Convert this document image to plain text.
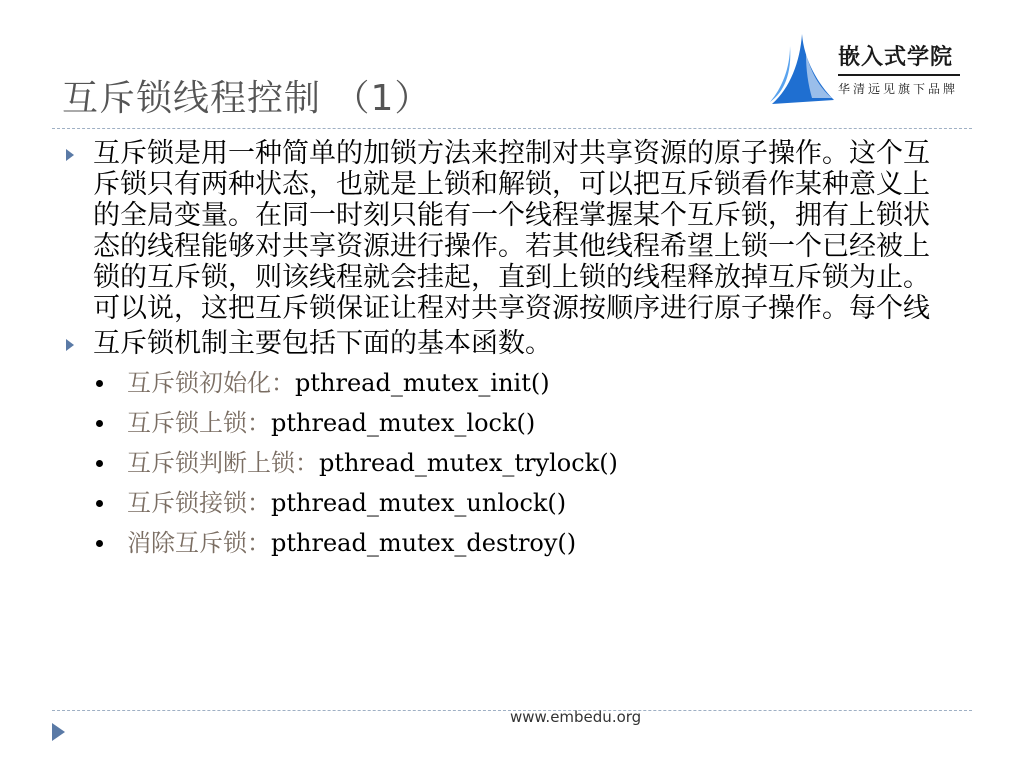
互斥锁线程控制 （1）
嵌入式学院
华清远见旗下品牌
互斥锁是用一种简单的加锁方法来控制对共享资源的原子操作。这个互斥锁只有两种状态，也就是上锁和解锁，可以把互斥锁看作某种意义上的全局变量。在同一时刻只能有一个线程掌握某个互斥锁，拥有上锁状态的线程能够对共享资源进行操作。若其他线程希望上锁一个已经被上锁的互斥锁，则该线程就会挂起，直到上锁的线程释放掉互斥锁为止。可以说，这把互斥锁保证让程对共享资源按顺序进行原子操作。每个线
互斥锁机制主要包括下面的基本函数。
互斥锁初始化：pthread_mutex_init()
互斥锁上锁：pthread_mutex_lock()
互斥锁判断上锁：pthread_mutex_trylock()
互斥锁接锁：pthread_mutex_unlock()
消除互斥锁：pthread_mutex_destroy()
www.embedu.org
